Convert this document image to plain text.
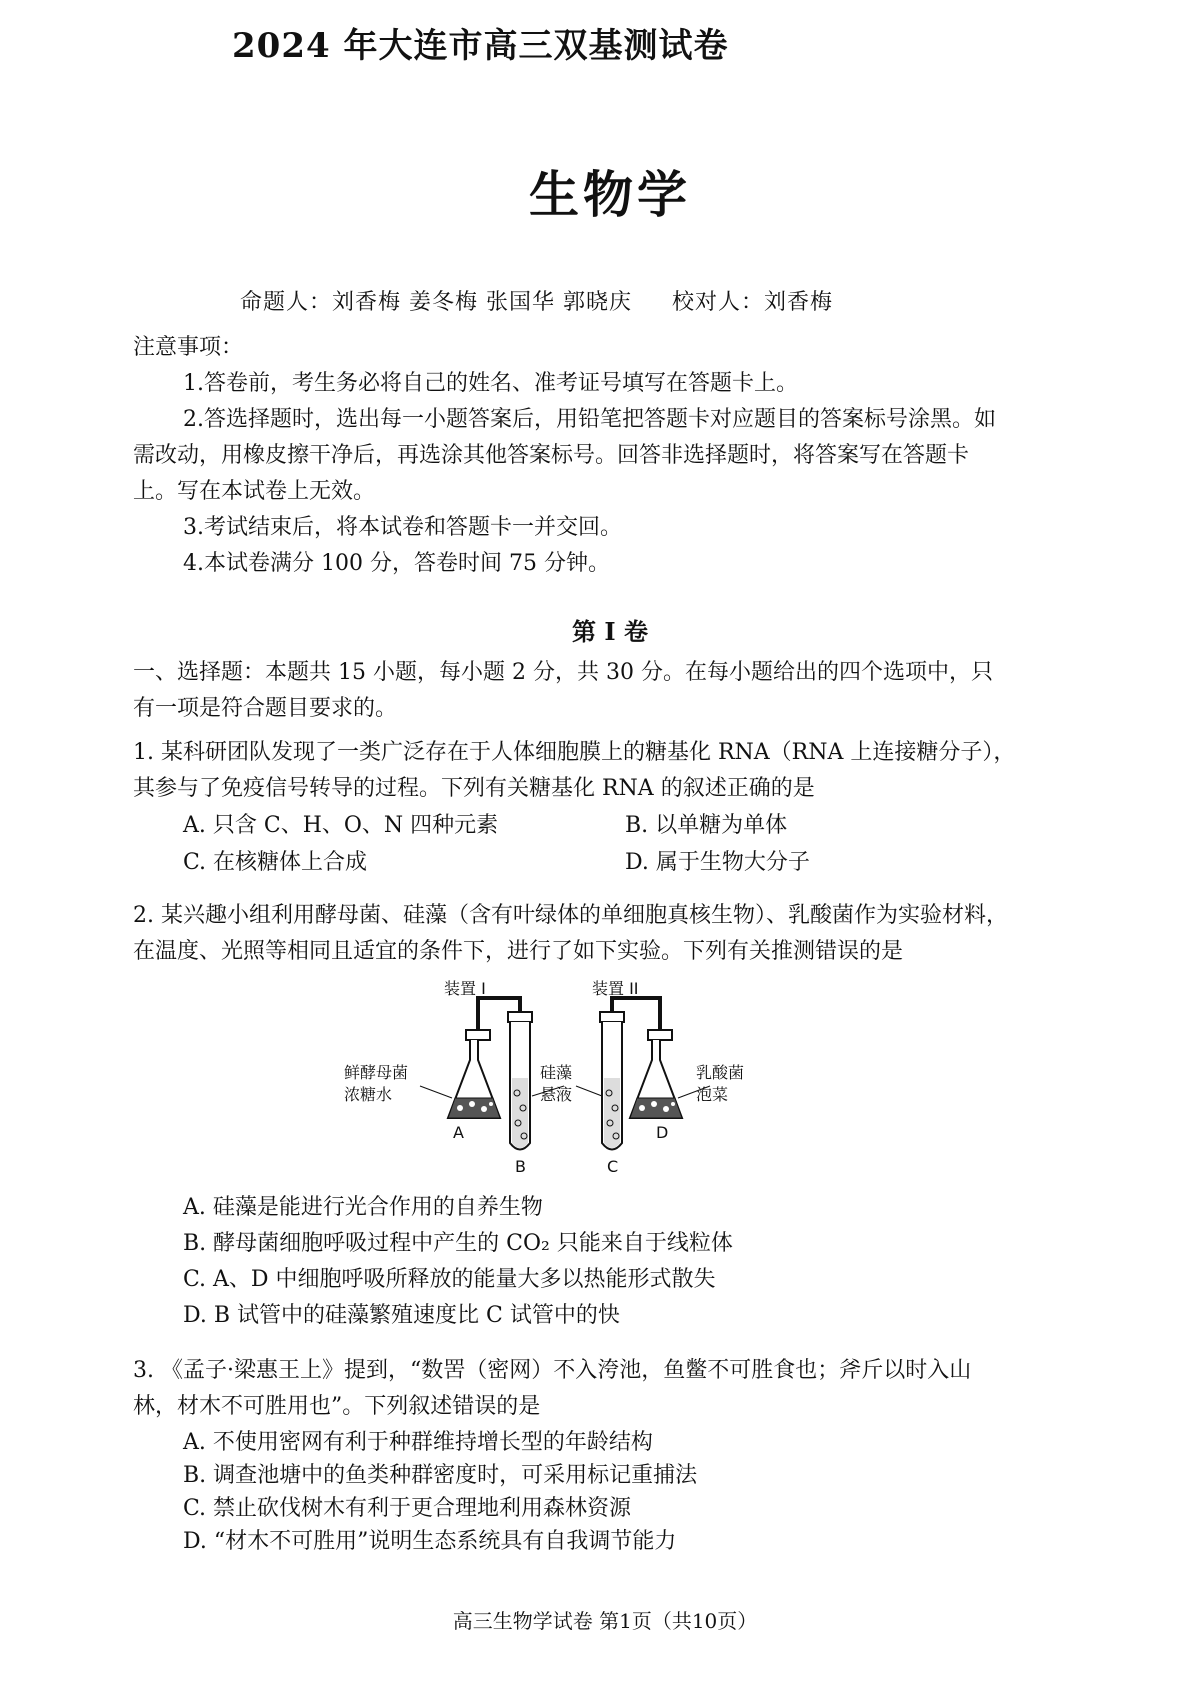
2024 年大连市高三双基测试卷
生物学
命题人：刘香梅 姜冬梅 张国华 郭晓庆 校对人：刘香梅
注意事项：
1.答卷前，考生务必将自己的姓名、准考证号填写在答题卡上。
2.答选择题时，选出每一小题答案后，用铅笔把答题卡对应题目的答案标号涂黑。如
需改动，用橡皮擦干净后，再选涂其他答案标号。回答非选择题时，将答案写在答题卡
上。写在本试卷上无效。
3.考试结束后，将本试卷和答题卡一并交回。
4.本试卷满分 100 分，答卷时间 75 分钟。
第 I 卷
一、选择题：本题共 15 小题，每小题 2 分，共 30 分。在每小题给出的四个选项中，只
有一项是符合题目要求的。
1. 某科研团队发现了一类广泛存在于人体细胞膜上的糖基化 RNA（RNA 上连接糖分子），
其参与了免疫信号转导的过程。下列有关糖基化 RNA 的叙述正确的是
A. 只含 C、H、O、N 四种元素	B. 以单糖为单体
C. 在核糖体上合成	D. 属于生物大分子
2. 某兴趣小组利用酵母菌、硅藻（含有叶绿体的单细胞真核生物）、乳酸菌作为实验材料，
在温度、光照等相同且适宜的条件下，进行了如下实验。下列有关推测错误的是
装置 I	装置 II
鲜酵母菌
浓糖水
硅藻
悬液
乳酸菌
泡菜
A
B	C
D
A. 硅藻是能进行光合作用的自养生物
B. 酵母菌细胞呼吸过程中产生的 CO₂ 只能来自于线粒体
C. A、D 中细胞呼吸所释放的能量大多以热能形式散失
D. B 试管中的硅藻繁殖速度比 C 试管中的快
3. 《孟子·梁惠王上》提到，“数罟（密网）不入洿池，鱼鳖不可胜食也；斧斤以时入山
林，材木不可胜用也”。下列叙述错误的是
A. 不使用密网有利于种群维持增长型的年龄结构
B. 调查池塘中的鱼类种群密度时，可采用标记重捕法
C. 禁止砍伐树木有利于更合理地利用森林资源
D. “材木不可胜用”说明生态系统具有自我调节能力
高三生物学试卷 第1页（共10页）
